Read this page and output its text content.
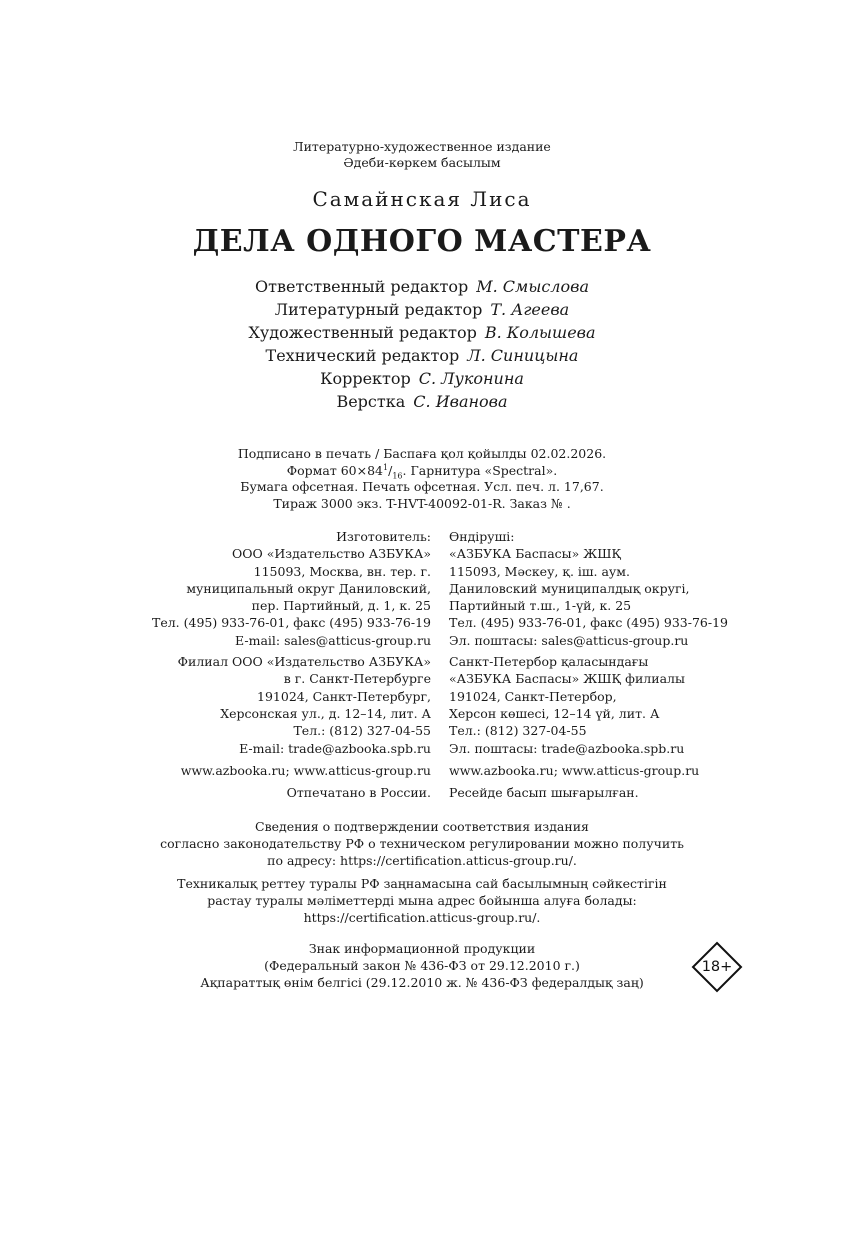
Литературно-художественное издание
Әдеби-көркем басылым
Самайнская Лиса
ДЕЛА ОДНОГО МАСТЕРА
Ответственный редактор М. Смыслова
Литературный редактор Т. Агеева
Художественный редактор В. Колышева
Технический редактор Л. Синицына
Корректор С. Луконина
Верстка С. Иванова
Подписано в печать / Баспаға қол қойылды 02.02.2026.
Формат $60\times 84^1/_{16}$. Гарнитура «Spectral».
Бумага офсетная. Печать офсетная. Усл. печ. л. 17,67.
Тираж 3000 экз. T-HVT-40092-01-R. Заказ № .
Изготовитель:
ООО «Издательство АЗБУКА»
115093, Москва, вн. тер. г.
муниципальный округ Даниловский,
пер. Партийный, д. 1, к. 25
Тел. (495) 933-76-01, факс (495) 933-76-19
E-mail: sales@atticus-group.ru
Филиал ООО «Издательство АЗБУКА»
в г. Санкт-Петербурге
191024, Санкт-Петербург,
Херсонская ул., д. 12–14, лит. А
Тел.: (812) 327-04-55
E-mail: trade@azbooka.spb.ru
www.azbooka.ru; www.atticus-group.ru
Отпечатано в России.
Өндіруші:
«АЗБУКА Баспасы» ЖШҚ
115093, Мәскеу, қ. іш. аум.
Даниловский муниципалдық округі,
Партийный т.ш., 1-үй, к. 25
Тел. (495) 933-76-01, факс (495) 933-76-19
Эл. поштасы: sales@atticus-group.ru
Санкт-Петербор қаласындағы
«АЗБУКА Баспасы» ЖШҚ филиалы
191024, Санкт-Петербор,
Херсон көшесі, 12–14 үй, лит. А
Тел.: (812) 327-04-55
Эл. поштасы: trade@azbooka.spb.ru
www.azbooka.ru; www.atticus-group.ru
Ресейде басып шығарылған.
Сведения о подтверждении соответствия издания
согласно законодательству РФ о техническом регулировании можно получить
по адресу: https://certification.atticus-group.ru/.
Техникалық реттеу туралы РФ заңнамасына сай басылымның сәйкестігін
растау туралы мәліметтерді мына адрес бойынша алуға болады:
https://certification.atticus-group.ru/.
Знак информационной продукции
(Федеральный закон № 436-ФЗ от 29.12.2010 г.)
Ақпараттық өнім белгісі (29.12.2010 ж. № 436-ФЗ федералдық заң)
18+
